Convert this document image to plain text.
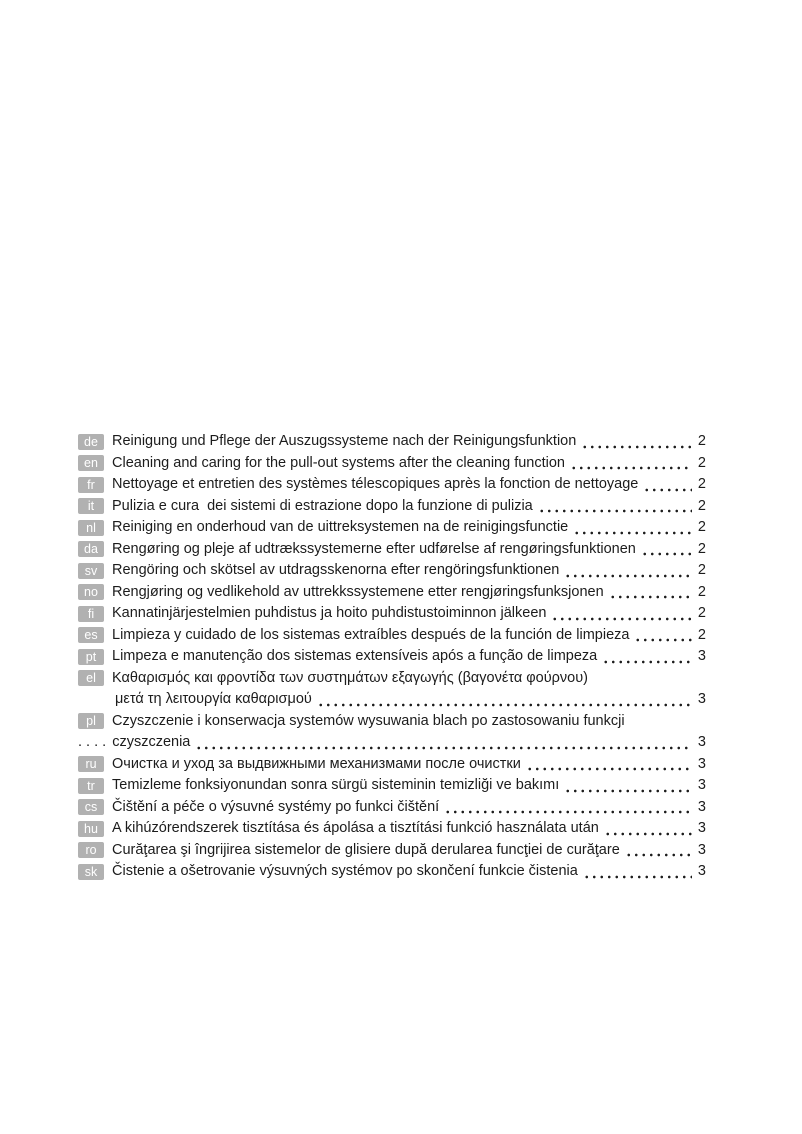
de Reinigung und Pflege der Auszugssysteme nach der Reinigungsfunktion	2
en Cleaning and caring for the pull-out systems after the cleaning function	2
fr	Nettoyage et entretien des systèmes télescopiques après la fonction de nettoyage	2
it	Pulizia e cura  dei sistemi di estrazione dopo la funzione di pulizia	2
nl	Reiniging en onderhoud van de uittreksystemen na de reinigingsfunctie	2
da Rengøring og pleje af udtrækssystemerne efter udførelse af rengøringsfunktionen	2
sv	Rengöring och skötsel av utdragsskenorna efter rengöringsfunktionen	2
no Rengjøring og vedlikehold av uttrekkssystemene etter rengjøringsfunksjonen	2
fi	Kannatinjärjestelmien puhdistus ja hoito puhdistustoiminnon jälkeen	2
es Limpieza y cuidado de los sistemas extraíbles después de la función de limpieza	2
pt	Limpeza e manutenção dos sistemas extensíveis após a função de limpeza	3
el	Καθαρισμός και φροντίδα των συστημάτων εξαγωγής (βαγονέτα φούρνου)
μετά τη λειτουργία καθαρισμού	3
pl	Czyszczenie i konserwacja systemów wysuwania blach po zastosowaniu funkcji
. . . . czyszczenia	3
ru	Очистка и уход за выдвижными механизмами после очистки	3
tr	Temizleme fonksiyonundan sonra sürgü sisteminin temizliği ve bakımı	3
cs	Čištění a péče o výsuvné systémy po funkci čištění	3
hu A kihúzórendszerek tisztítása és ápolása a tisztítási funkció használata után	3
ro	Curăţarea şi îngrijirea sistemelor de glisiere după derularea funcţiei de curăţare	3
sk	Čistenie a ošetrovanie výsuvných systémov po skončení funkcie čistenia	3
